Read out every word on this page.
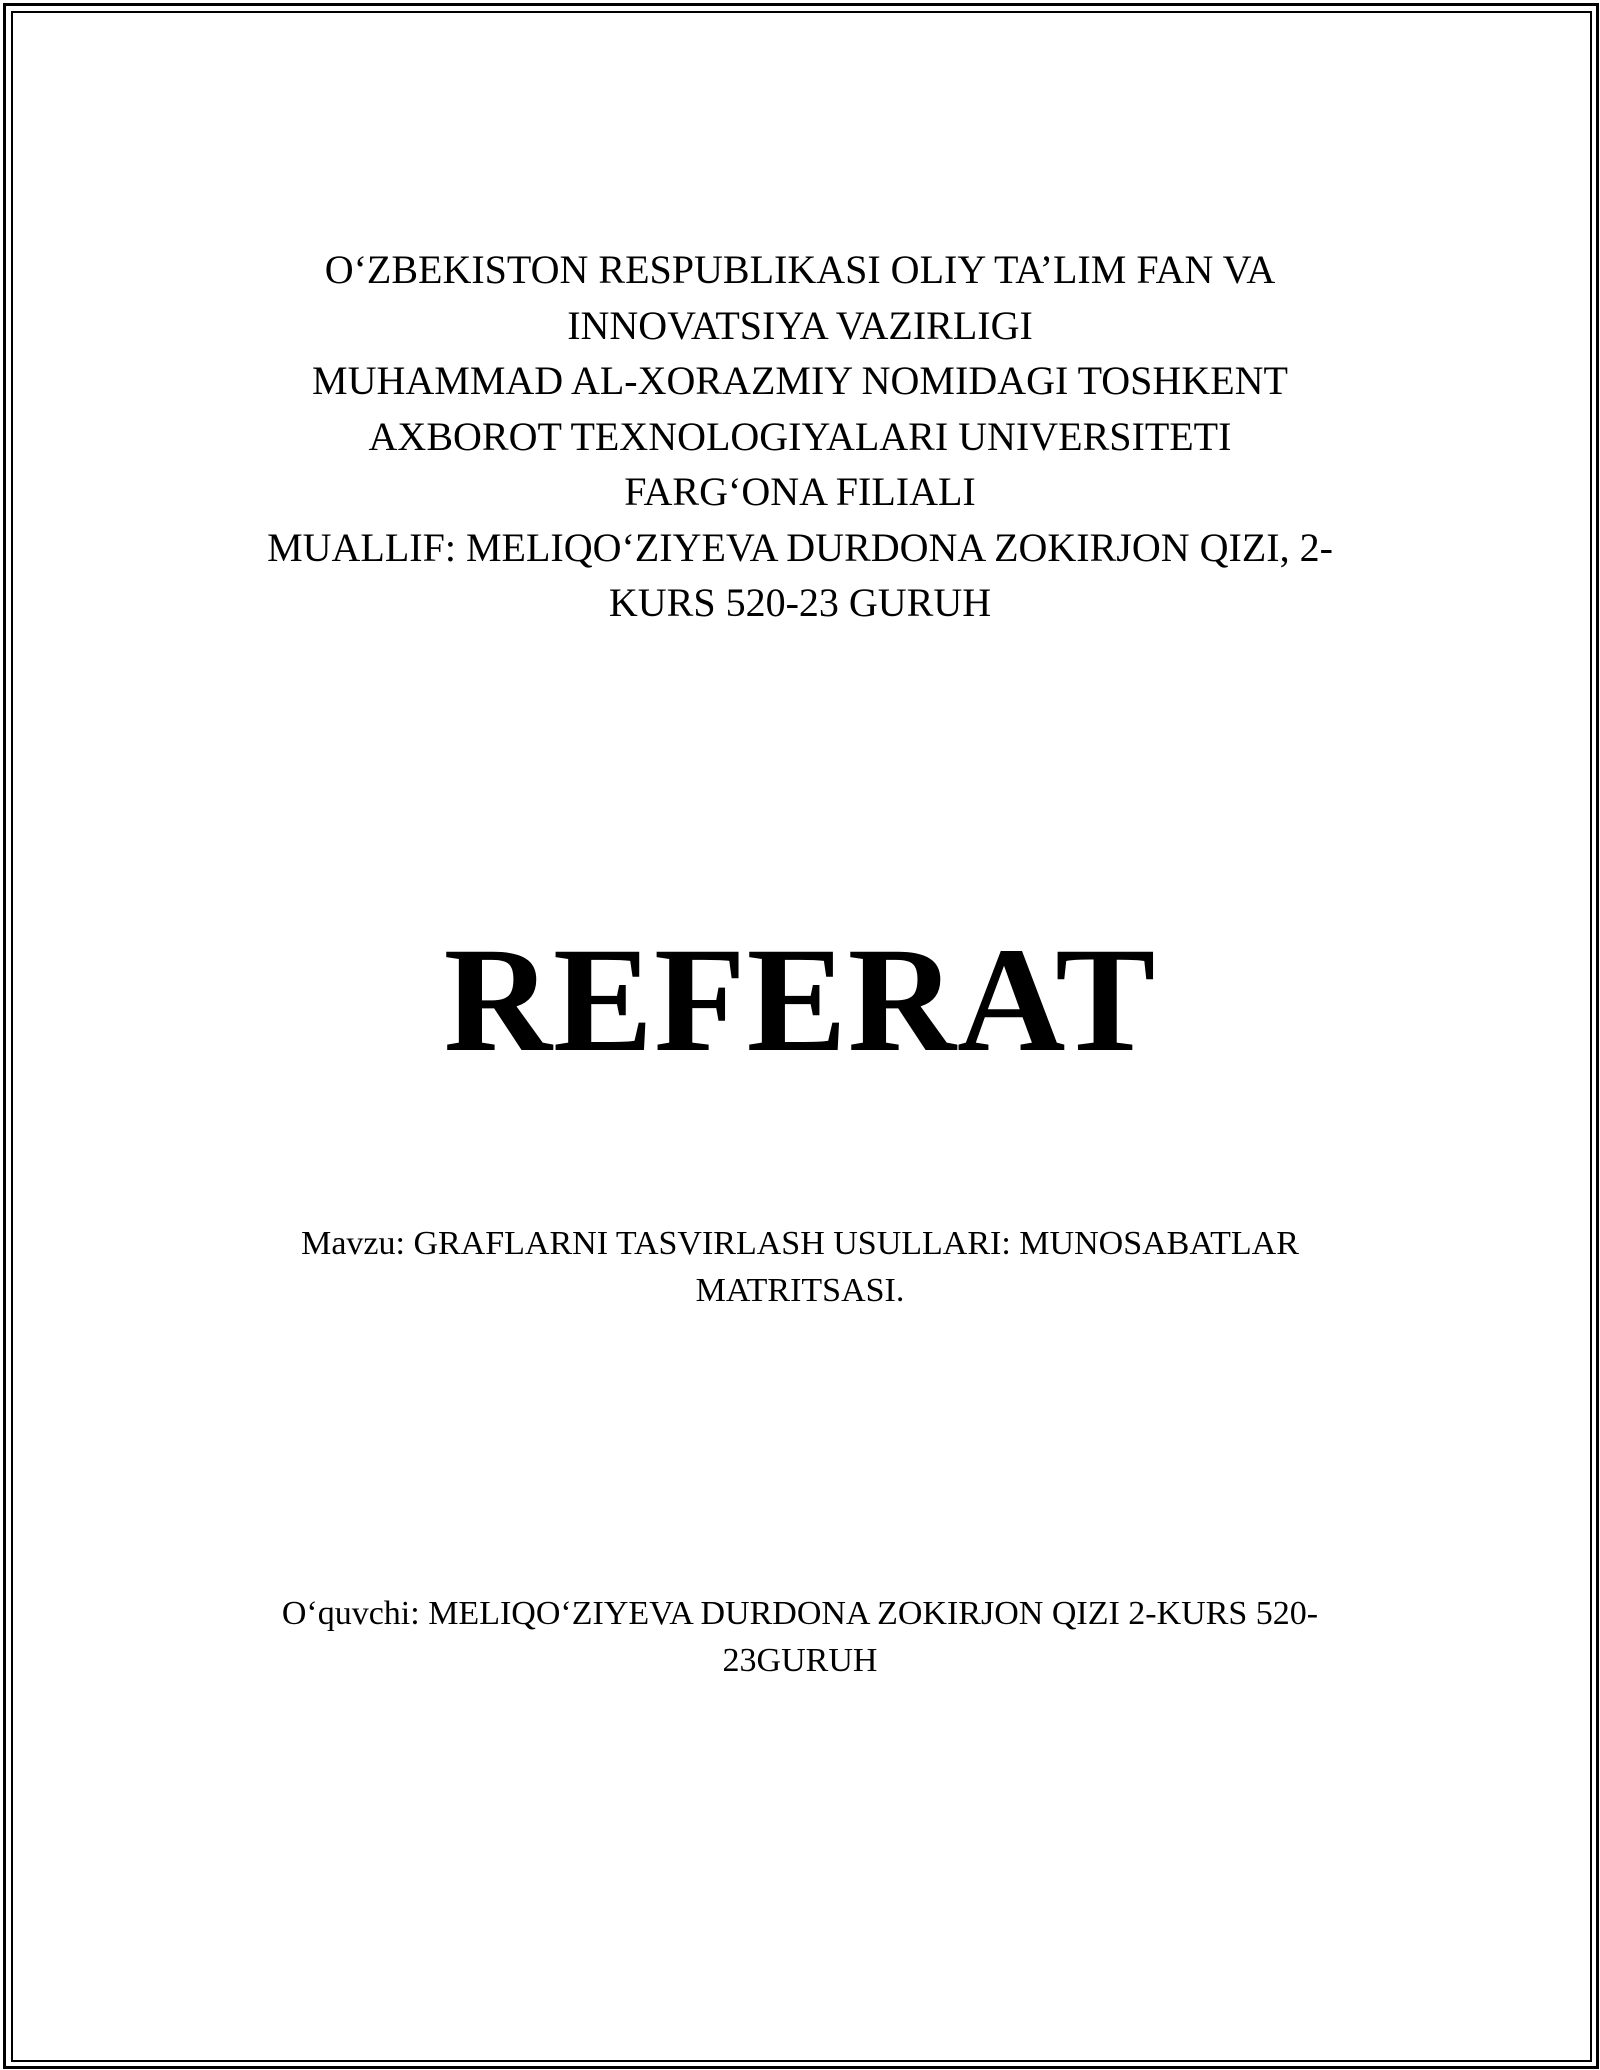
O‘ZBEKISTON RESPUBLIKASI OLIY TA’LIM FAN VA
INNOVATSIYA VAZIRLIGI
MUHAMMAD AL-XORAZMIY NOMIDAGI TOSHKENT
AXBOROT TEXNOLOGIYALARI UNIVERSITETI
FARG‘ONA FILIALI
MUALLIF: MELIQO‘ZIYEVA DURDONA ZOKIRJON QIZI, 2-
KURS 520-23 GURUH
REFERAT
Mavzu: GRAFLARNI TASVIRLASH USULLARI: MUNOSABATLAR
MATRITSASI.
O‘quvchi: MELIQO‘ZIYEVA DURDONA ZOKIRJON QIZI 2-KURS 520-
23GURUH
